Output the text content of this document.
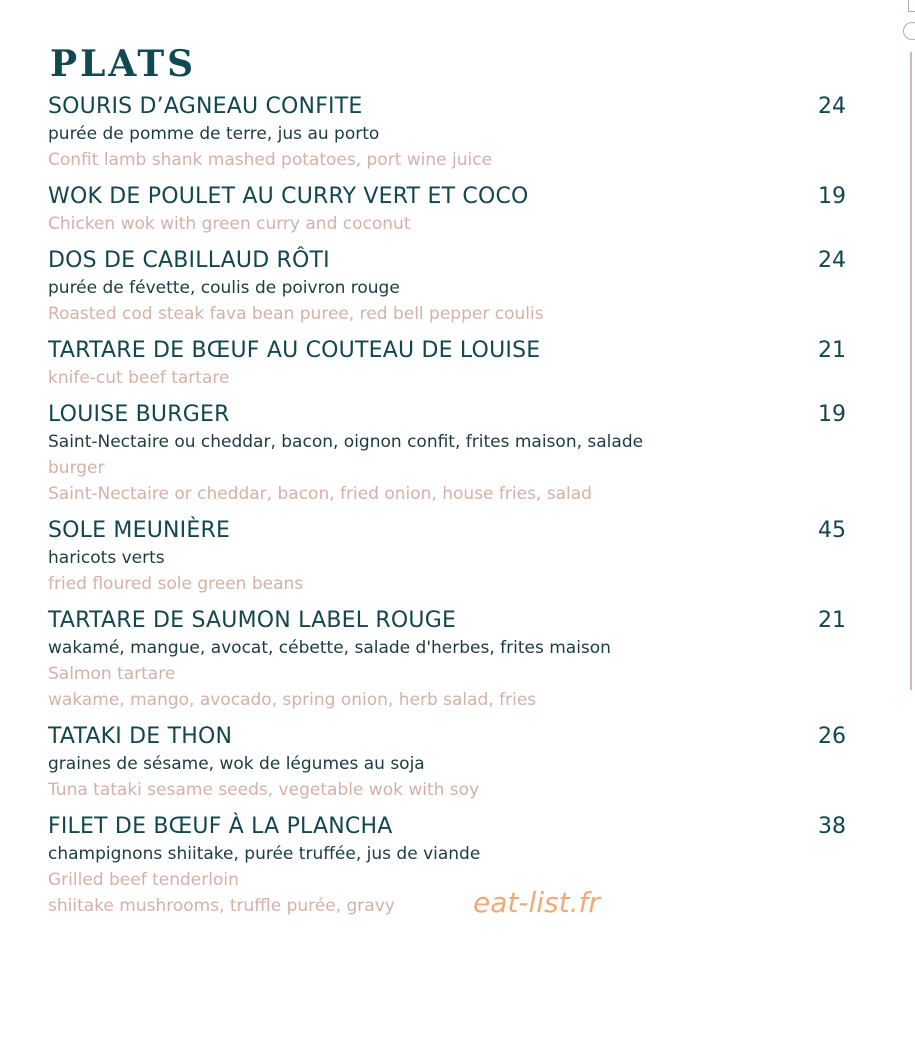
PLATS
SOURIS D’AGNEAU CONFITE	24
purée de pomme de terre, jus au porto
Confit lamb shank mashed potatoes, port wine juice
WOK DE POULET AU CURRY VERT ET COCO	19
Chicken wok with green curry and coconut
DOS DE CABILLAUD RÔTI	24
purée de févette, coulis de poivron rouge
Roasted cod steak fava bean puree, red bell pepper coulis
TARTARE DE BŒUF AU COUTEAU DE LOUISE	21
knife-cut beef tartare
LOUISE BURGER	19
Saint-Nectaire ou cheddar, bacon, oignon confit, frites maison, salade
burger
Saint-Nectaire or cheddar, bacon, fried onion, house fries, salad
SOLE MEUNIÈRE	45
haricots verts
fried floured sole green beans
TARTARE DE SAUMON LABEL ROUGE	21
wakamé, mangue, avocat, cébette, salade d'herbes, frites maison
Salmon tartare
wakame, mango, avocado, spring onion, herb salad, fries
TATAKI DE THON	26
graines de sésame, wok de légumes au soja
Tuna tataki sesame seeds, vegetable wok with soy
FILET DE BŒUF À LA PLANCHA	38
champignons shiitake, purée truffée, jus de viande
Grilled beef tenderloin
shiitake mushrooms, truffle purée, gravy	eat-list.fr
